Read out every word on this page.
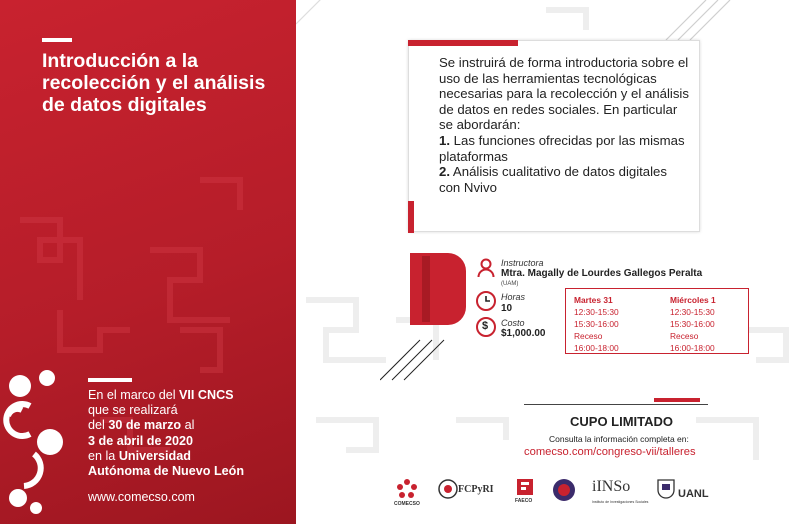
Introducción a la recolección y el análisis de datos digitales
En el marco del VII CNCS
que se realizará
del 30 de marzo al
3 de abril de 2020
en la Universidad
Autónoma de Nuevo León
www.comecso.com
Se instruirá de forma introductoria sobre el uso de las herramientas tecnológicas necesarias para la recolección y el análisis de datos en redes sociales. En particular se abordarán:
1. Las funciones ofrecidas por las mismas plataformas
2. Análisis cualitativo de datos digitales con Nvivo
Instructora
Mtra. Magally de Lourdes Gallegos Peralta
(UAM)
Horas
10
$ Costo
$1,000.00
Martes 31
12:30-15:30
15:30-16:00
Receso
16:00-18:00
Miércoles 1
12:30-15:30
15:30-16:00
Receso
16:00-18:00
CUPO LIMITADO
Consulta la información completa en:
comecso.com/congreso-vii/talleres
COMECSO
FCPyRI
FAECO
iINSo
Instituto de Investigaciones Sociales
UANL
